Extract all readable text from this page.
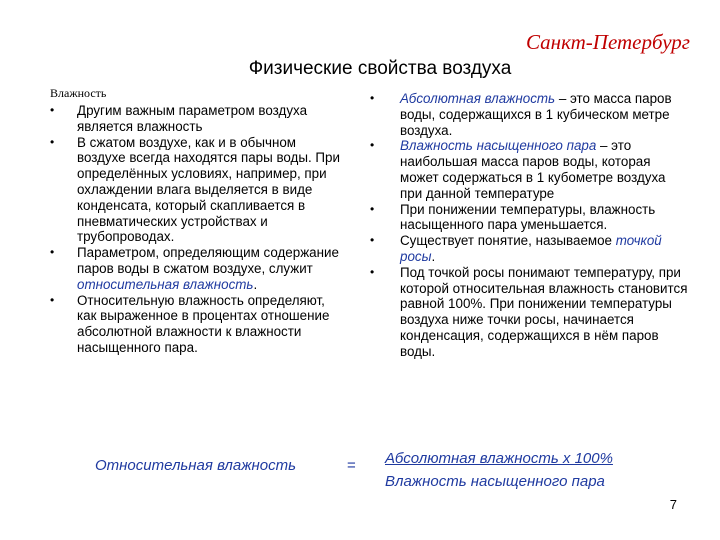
Санкт-Петербург
Физические свойства воздуха
Влажность
• Другим важным параметром воздуха является влажность
• В сжатом воздухе, как и в обычном воздухе всегда находятся пары воды. При определённых условиях, например, при охлаждении влага выделяется в виде конденсата, который скапливается в пневматических устройствах и трубопроводах.
• Параметром, определяющим содержание паров воды в сжатом воздухе, служит относительная влажность.
• Относительную влажность определяют, как выраженное в процентах отношение абсолютной влажности к влажности насыщенного пара.
• Абсолютная влажность – это масса паров воды, содержащихся в 1 кубическом метре воздуха.
• Влажность насыщенного пара – это наибольшая масса паров воды, которая может содержаться в 1 кубометре воздуха при данной температуре
• При понижении температуры, влажность насыщенного пара уменьшается.
• Существует понятие, называемое точкой росы.
• Под точкой росы понимают температуру, при которой относительная влажность становится равной 100%. При понижении температуры воздуха ниже точки росы, начинается конденсация, содержащихся в нём паров воды.
Относительная влажность	= Абсолютная влажность х 100%
Влажность насыщенного пара
7
